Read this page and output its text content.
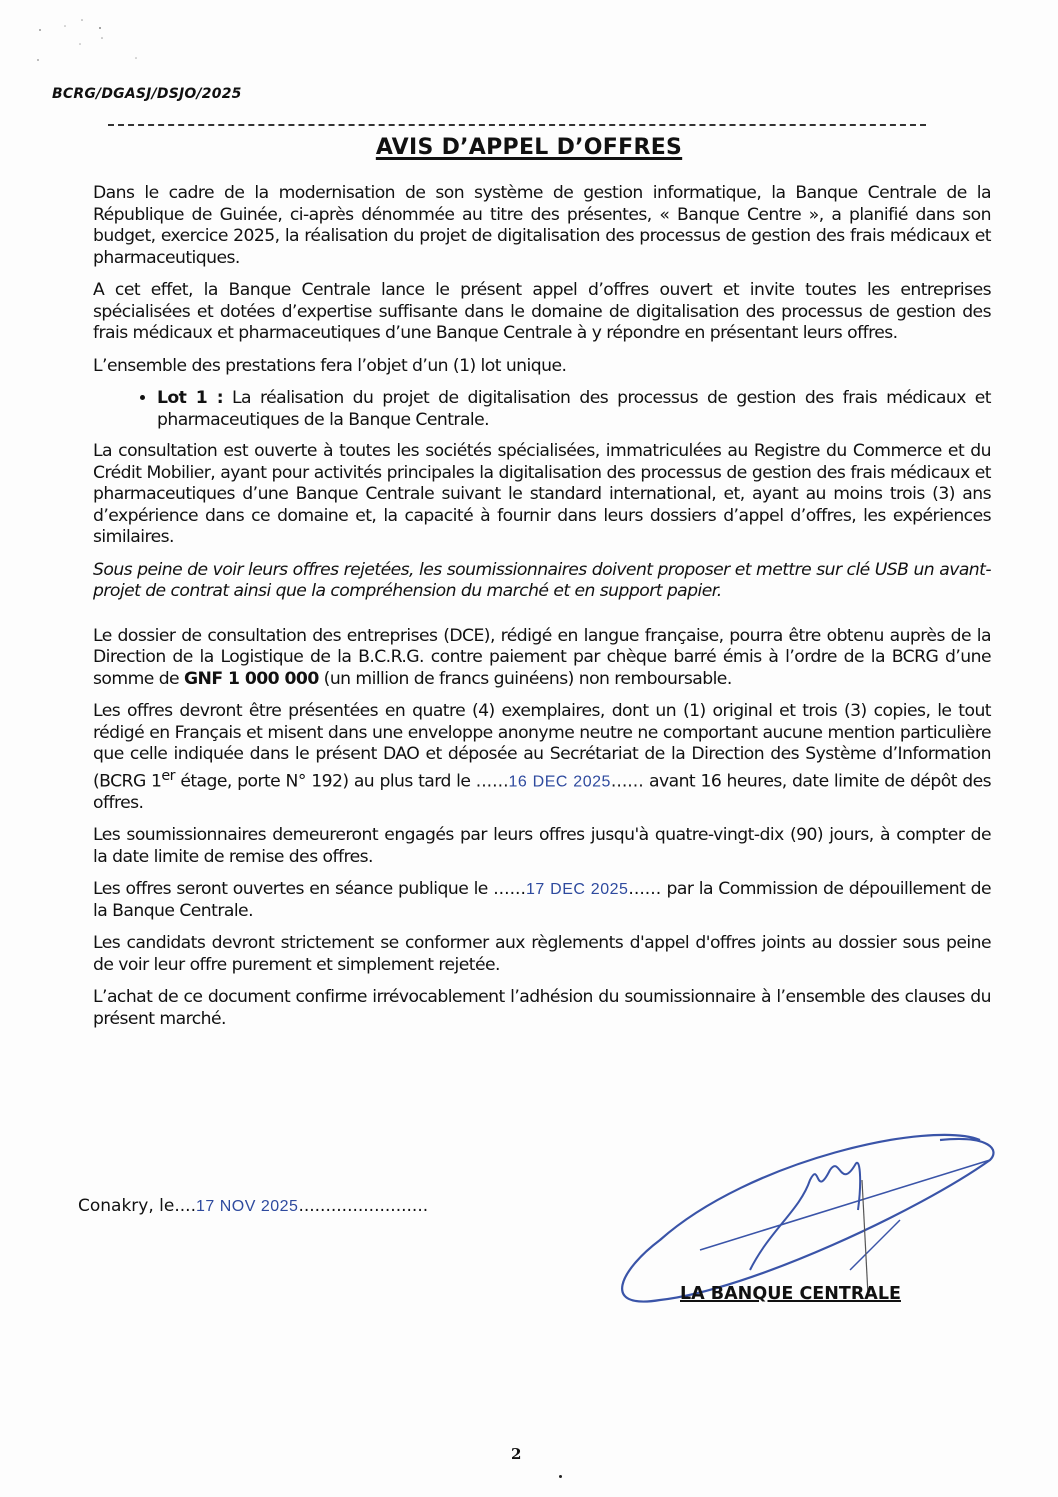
BCRG/DGASJ/DSJO/2025
AVIS D’APPEL D’OFFRES

Dans le cadre de la modernisation de son système de gestion informatique, la Banque Centrale de la République de Guinée, ci-après dénommée au titre des présentes, « Banque Centre », a planifié dans son budget, exercice 2025, la réalisation du projet de digitalisation des processus de gestion des frais médicaux et pharmaceutiques.

A cet effet, la Banque Centrale lance le présent appel d’offres ouvert et invite toutes les entreprises spécialisées et dotées d’expertise suffisante dans le domaine de digitalisation des processus de gestion des frais médicaux et pharmaceutiques d’une Banque Centrale à y répondre en présentant leurs offres.

L’ensemble des prestations fera l’objet d’un (1) lot unique.

• Lot 1 : La réalisation du projet de digitalisation des processus de gestion des frais médicaux et pharmaceutiques de la Banque Centrale.

La consultation est ouverte à toutes les sociétés spécialisées, immatriculées au Registre du Commerce et du Crédit Mobilier, ayant pour activités principales la digitalisation des processus de gestion des frais médicaux et pharmaceutiques d’une Banque Centrale suivant le standard international, et, ayant au moins trois (3) ans d’expérience dans ce domaine et, la capacité à fournir dans leurs dossiers d’appel d’offres, les expériences similaires.

Sous peine de voir leurs offres rejetées, les soumissionnaires doivent proposer et mettre sur clé USB un avant-projet de contrat ainsi que la compréhension du marché et en support papier.

Le dossier de consultation des entreprises (DCE), rédigé en langue française, pourra être obtenu auprès de la Direction de la Logistique de la B.C.R.G. contre paiement par chèque barré émis à l’ordre de la BCRG d’une somme de GNF 1 000 000 (un million de francs guinéens) non remboursable.

Les offres devront être présentées en quatre (4) exemplaires, dont un (1) original et trois (3) copies, le tout rédigé en Français et misent dans une enveloppe anonyme neutre ne comportant aucune mention particulière que celle indiquée dans le présent DAO et déposée au Secrétariat de la Direction des Système d’Information (BCRG 1er étage, porte N° 192) au plus tard le ......16 DEC 2025...... avant 16 heures, date limite de dépôt des offres.

Les soumissionnaires demeureront engagés par leurs offres jusqu'à quatre-vingt-dix (90) jours, à compter de la date limite de remise des offres.

Les offres seront ouvertes en séance publique le ......17 DEC 2025...... par la Commission de dépouillement de la Banque Centrale.

Les candidats devront strictement se conformer aux règlements d'appel d'offres joints au dossier sous peine de voir leur offre purement et simplement rejetée.

L’achat de ce document confirme irrévocablement l’adhésion du soumissionnaire à l’ensemble des clauses du présent marché.

Conakry, le....17 NOV 2025........................
LA BANQUE CENTRALE
2
